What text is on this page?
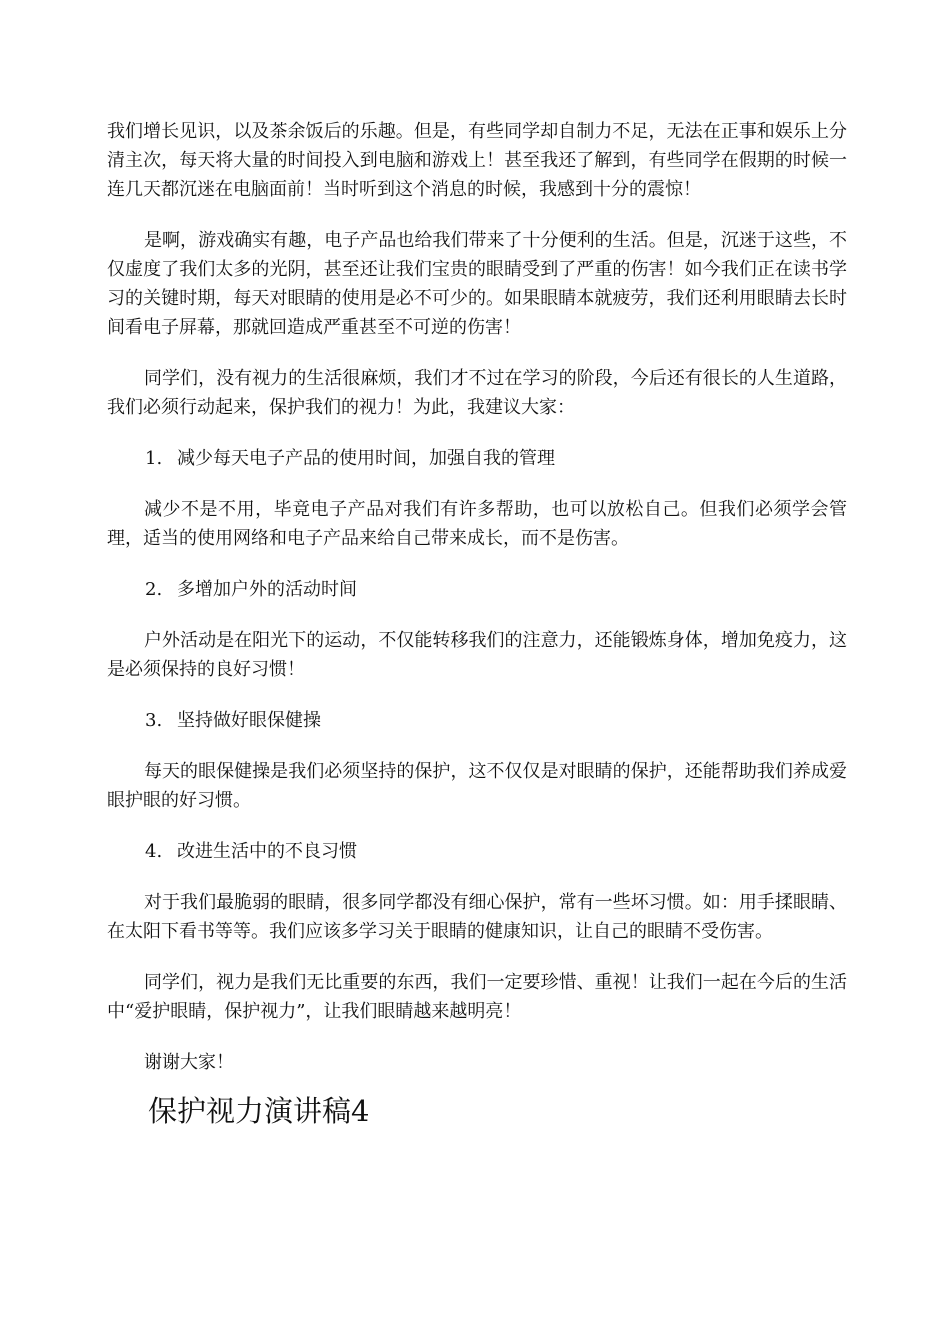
我们增长见识，以及茶余饭后的乐趣。但是，有些同学却自制力不足，无法在正事和娱乐上分清主次，每天将大量的时间投入到电脑和游戏上！甚至我还了解到，有些同学在假期的时候一连几天都沉迷在电脑面前！当时听到这个消息的时候，我感到十分的震惊！

是啊，游戏确实有趣，电子产品也给我们带来了十分便利的生活。但是，沉迷于这些，不仅虚度了我们太多的光阴，甚至还让我们宝贵的眼睛受到了严重的伤害！如今我们正在读书学习的关键时期，每天对眼睛的使用是必不可少的。如果眼睛本就疲劳，我们还利用眼睛去长时间看电子屏幕，那就回造成严重甚至不可逆的伤害！

同学们，没有视力的生活很麻烦，我们才不过在学习的阶段，今后还有很长的人生道路，我们必须行动起来，保护我们的视力！为此，我建议大家：

1. 减少每天电子产品的使用时间，加强自我的管理

减少不是不用，毕竟电子产品对我们有许多帮助，也可以放松自己。但我们必须学会管理，适当的使用网络和电子产品来给自己带来成长，而不是伤害。

2. 多增加户外的活动时间

户外活动是在阳光下的运动，不仅能转移我们的注意力，还能锻炼身体，增加免疫力，这是必须保持的良好习惯！

3. 坚持做好眼保健操

每天的眼保健操是我们必须坚持的保护，这不仅仅是对眼睛的保护，还能帮助我们养成爱眼护眼的好习惯。

4. 改进生活中的不良习惯

对于我们最脆弱的眼睛，很多同学都没有细心保护，常有一些坏习惯。如：用手揉眼睛、在太阳下看书等等。我们应该多学习关于眼睛的健康知识，让自己的眼睛不受伤害。

同学们，视力是我们无比重要的东西，我们一定要珍惜、重视！让我们一起在今后的生活中“爱护眼睛，保护视力”，让我们眼睛越来越明亮！

谢谢大家！
保护视力演讲稿4
